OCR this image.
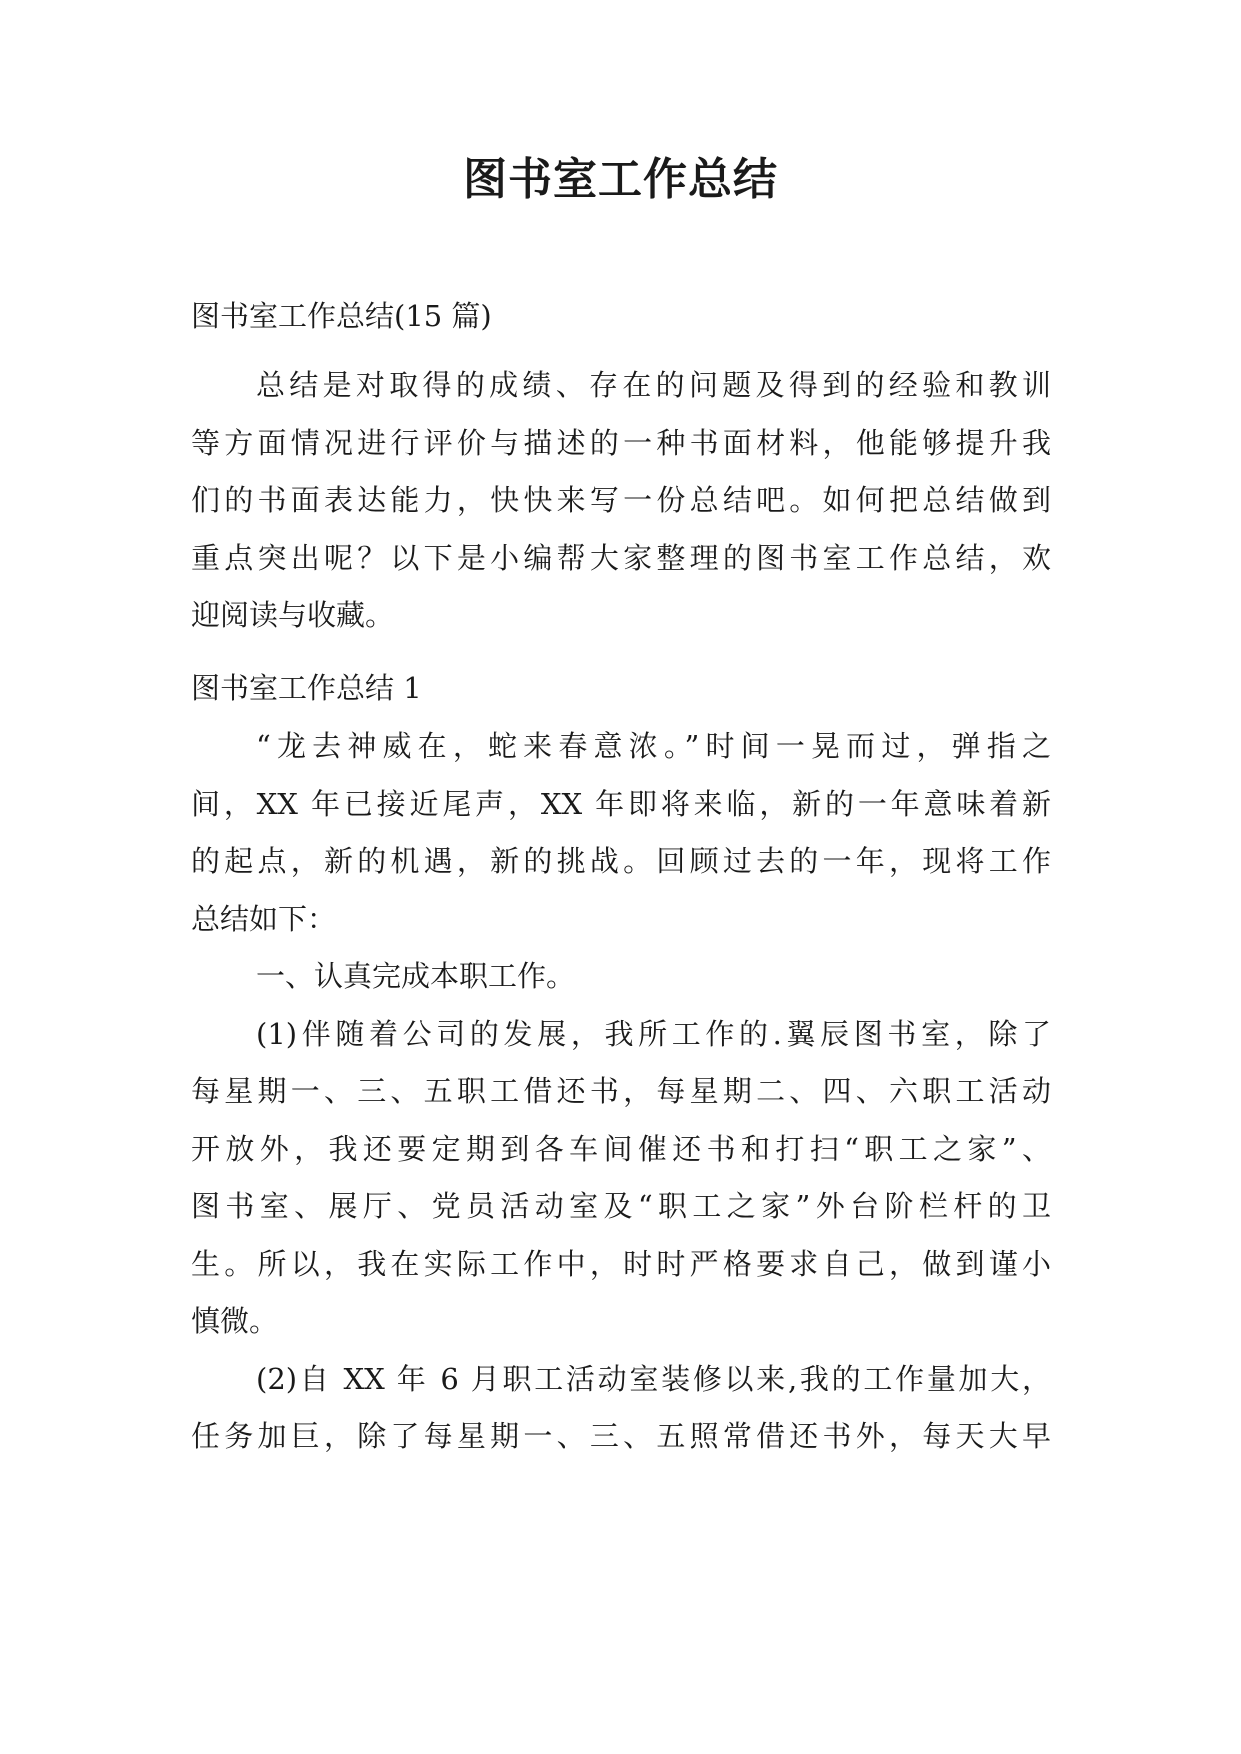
图书室工作总结
图书室工作总结(15 篇)
总结是对取得的成绩、存在的问题及得到的经验和教训
等方面情况进行评价与描述的一种书面材料，他能够提升我
们的书面表达能力，快快来写一份总结吧。如何把总结做到
重点突出呢？以下是小编帮大家整理的图书室工作总结，欢
迎阅读与收藏。
图书室工作总结 1
“龙去神威在，蛇来春意浓。”时间一晃而过，弹指之
间，XX 年已接近尾声，XX 年即将来临，新的一年意味着新
的起点，新的机遇，新的挑战。回顾过去的一年，现将工作
总结如下：
一、认真完成本职工作。
(1)伴随着公司的发展，我所工作的.翼辰图书室，除了
每星期一、三、五职工借还书，每星期二、四、六职工活动
开放外，我还要定期到各车间催还书和打扫“职工之家”、
图书室、展厅、党员活动室及“职工之家”外台阶栏杆的卫
生。所以，我在实际工作中，时时严格要求自己，做到谨小
慎微。
(2)自 XX 年 6 月职工活动室装修以来,我的工作量加大，
任务加巨，除了每星期一、三、五照常借还书外，每天大早
